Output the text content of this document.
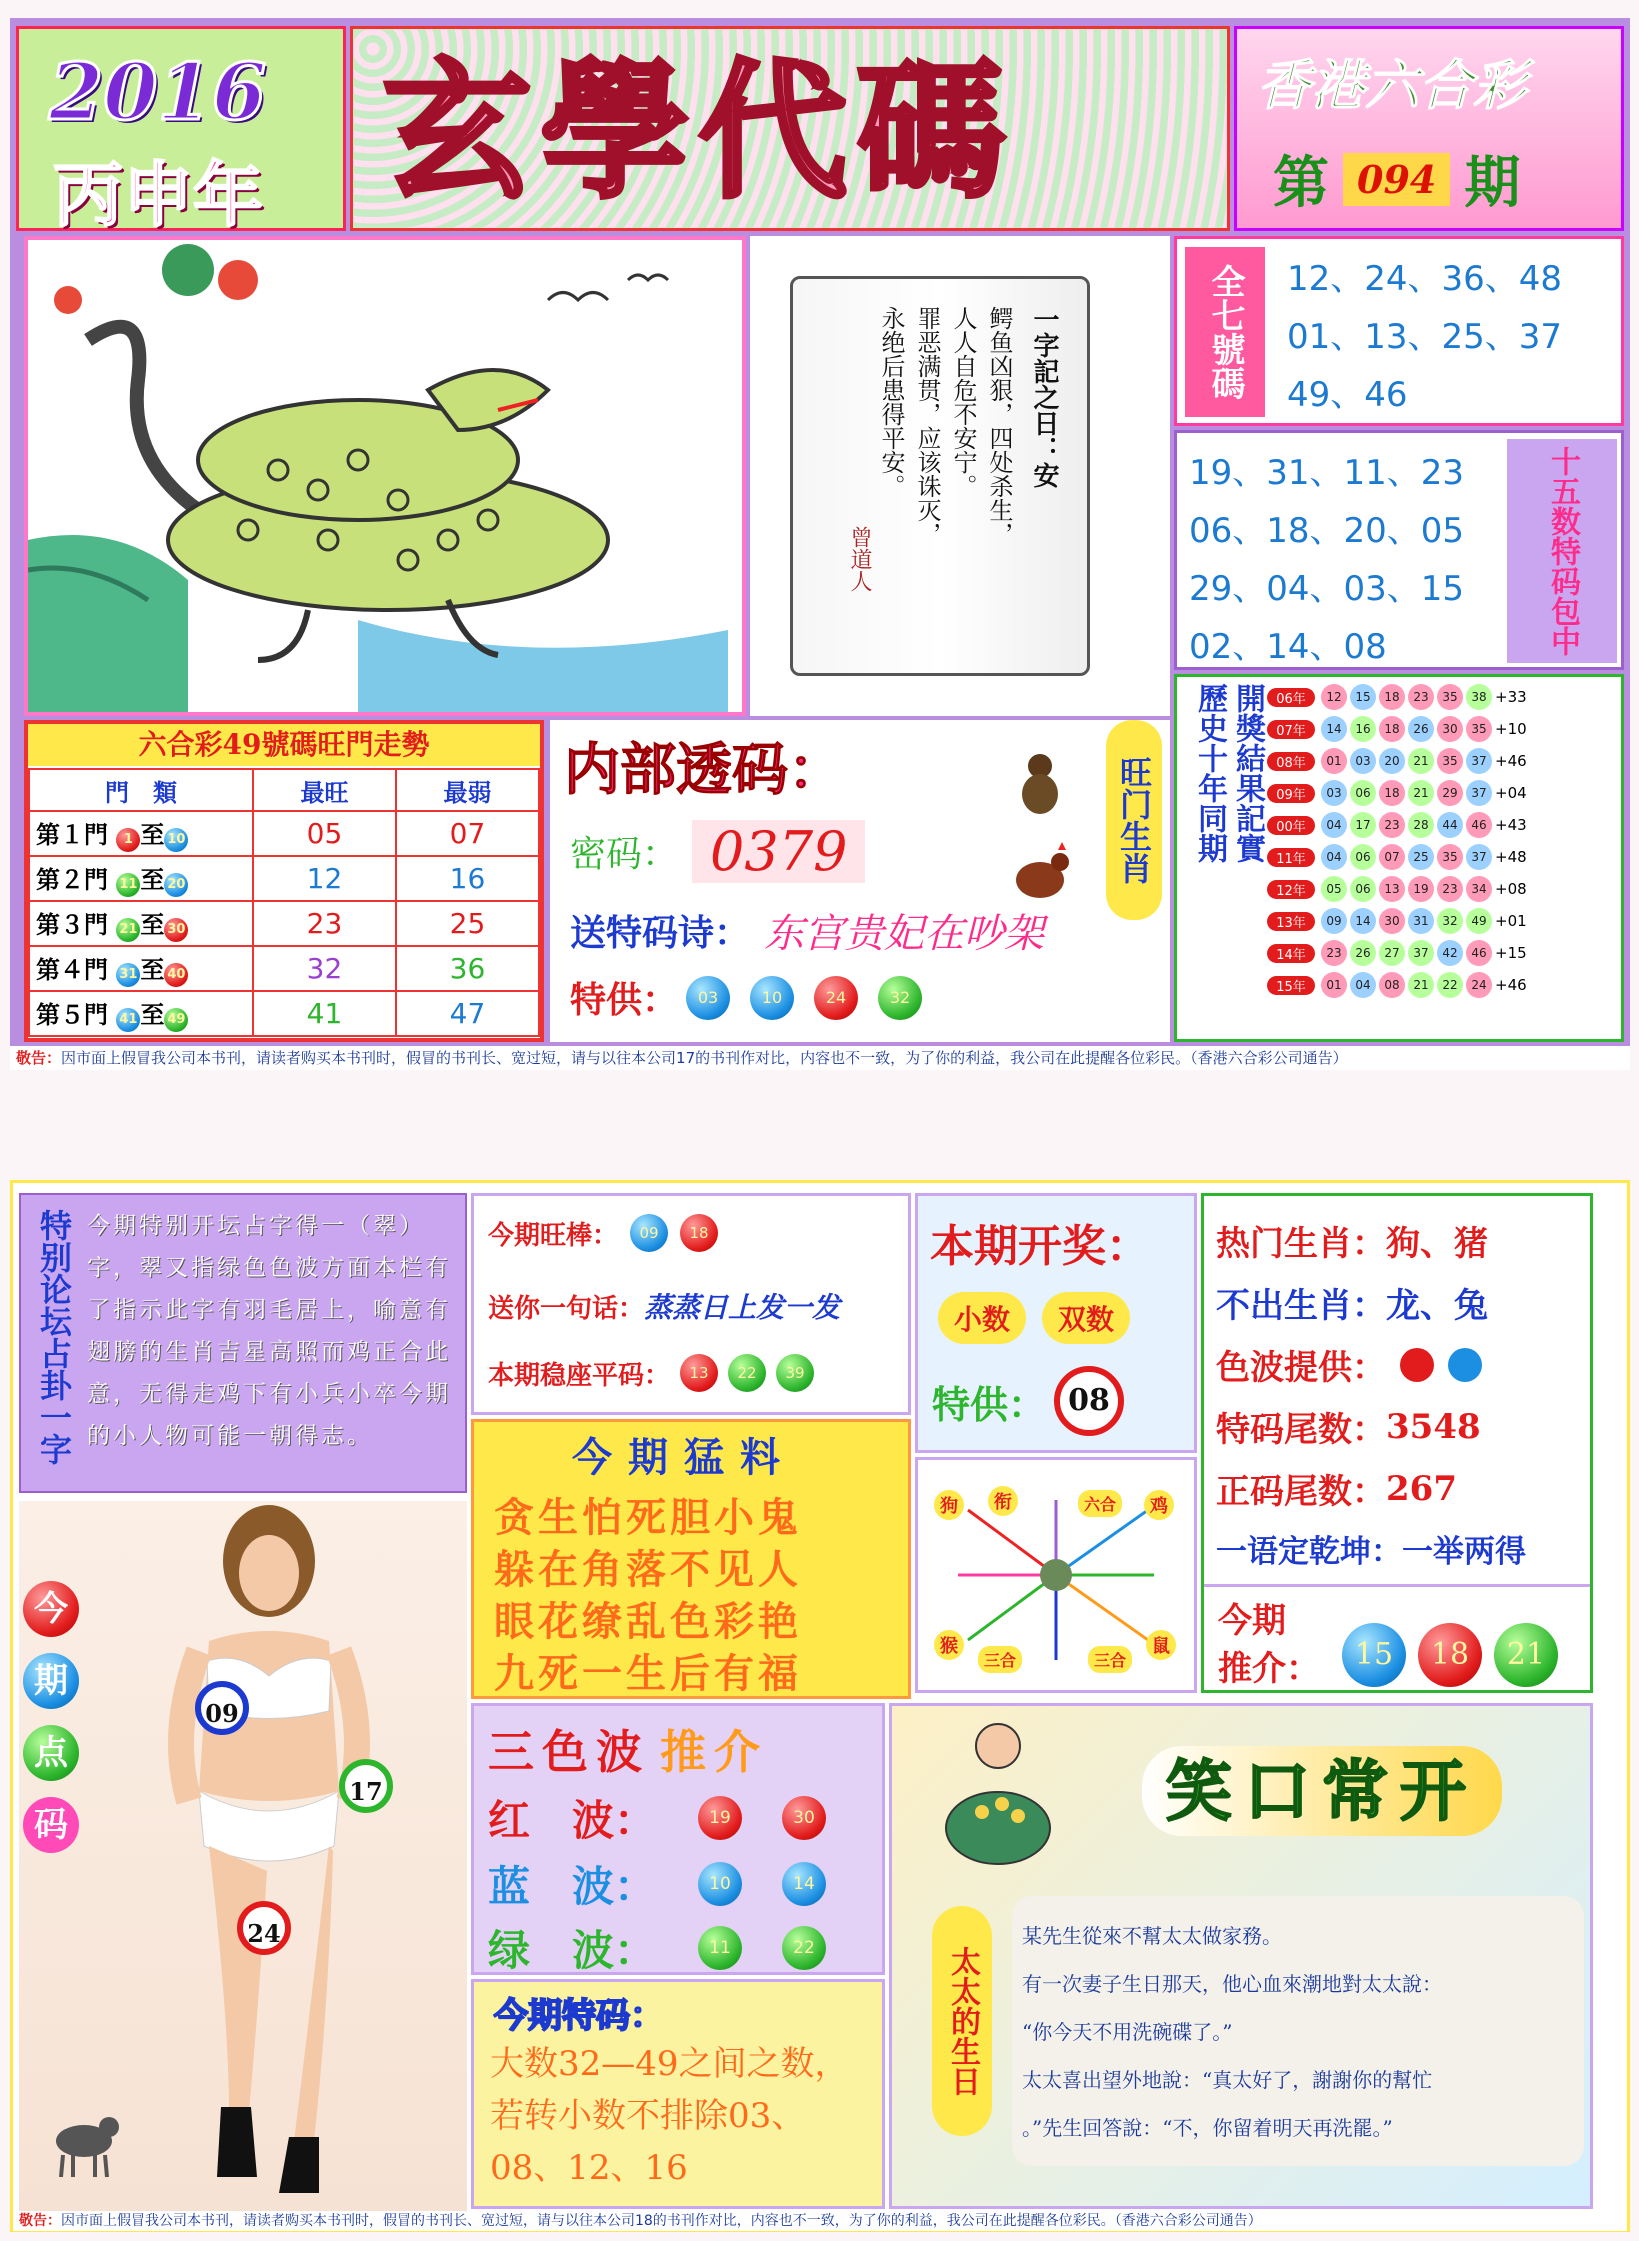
2016
丙申年 玄學代碼	香港六合彩
第 094 期
一字記之日：安
鳄鱼凶狠，四处杀生，
人人自危不安宁。
罪恶满贯，应该诛灭，
永绝后患得平安。
曾道人
全七號碼	12、24、36、48
01、13、25、37
49、46
19、31、11、23
06、18、20、05
29、04、03、15
02、14、08	十五数特码包中
六合彩49號碼旺門走勢
門　類	最旺	最弱
第１門 1 至 10	05	07
第２門 11 至 20	12	16
第３門 21 至 30	23	25
第４門 31 至 40	32	36
第５門 41 至 49	41	47
内部透码：
密码： 0379
送特码诗： 东宫贵妃在吵架
特供：	03	10	24	32
旺门生肖	開獎結果記實
歷史十年同期	06年	12	15	18	23	35	38 +33
07年	14	16	18	26	30	35 +10
08年	01	03	20	21	35	37 +46
09年	03	06	18	21	29	37 +04
00年	04	17	23	28	44	46 +43
11年	04	06	07	25	35	37 +48
12年	05	06	13	19	23	34 +08
13年	09	14	30	31	32	49 +01
14年	23	26	27	37	42	46 +15
15年	01	04	08	21	22	24 +46
敬告：因市面上假冒我公司本书刊，请读者购买本书刊时，假冒的书刊长、宽过短，请与以往本公司17的书刊作对比，内容也不一致，为了你的利益，我公司在此提醒各位彩民。（香港六合彩公司通告）
特别论坛占卦一字 今期特别开坛占字得一（翠）字，翠又指绿色色波方面本栏有了指示此字有羽毛居上，喻意有翅膀的生肖吉星高照而鸡正合此意，无得走鸡下有小兵小卒今期的小人物可能一朝得志。
今 期 点 码
09
17
24
今期旺棒：	09	18
送你一句话： 蒸蒸日上发一发
本期稳座平码：	13	22	39
本期开奖：
小数	双数
特供： 08
热门生肖： 狗、猪
不出生肖： 龙、兔
色波提供：
特码尾数： 3548
正码尾数： 267
一语定乾坤： 一举两得
今期
推介：	15	18	21
今期猛料
贪生怕死胆小鬼
躲在角落不见人
眼花缭乱色彩艳
九死一生后有福
狗	衔	六合	鸡
猴
三合	三合
鼠
三色波 推介
红　波：	19	30
蓝　波：	10	14
绿　波：	11	22
今期特码：
大数32—49之间之数，若转小数不排除03、08、12、16
笑口常开
太太的生日
某先生從來不幫太太做家務。
有一次妻子生日那天，他心血來潮地對太太說：
“你今天不用洗碗碟了。”
太太喜出望外地說：“真太好了，謝謝你的幫忙
。”先生回答說：“不，你留着明天再洗罷。”
敬告：因市面上假冒我公司本书刊，请读者购买本书刊时，假冒的书刊长、宽过短，请与以往本公司18的书刊作对比，内容也不一致，为了你的利益，我公司在此提醒各位彩民。（香港六合彩公司通告）
